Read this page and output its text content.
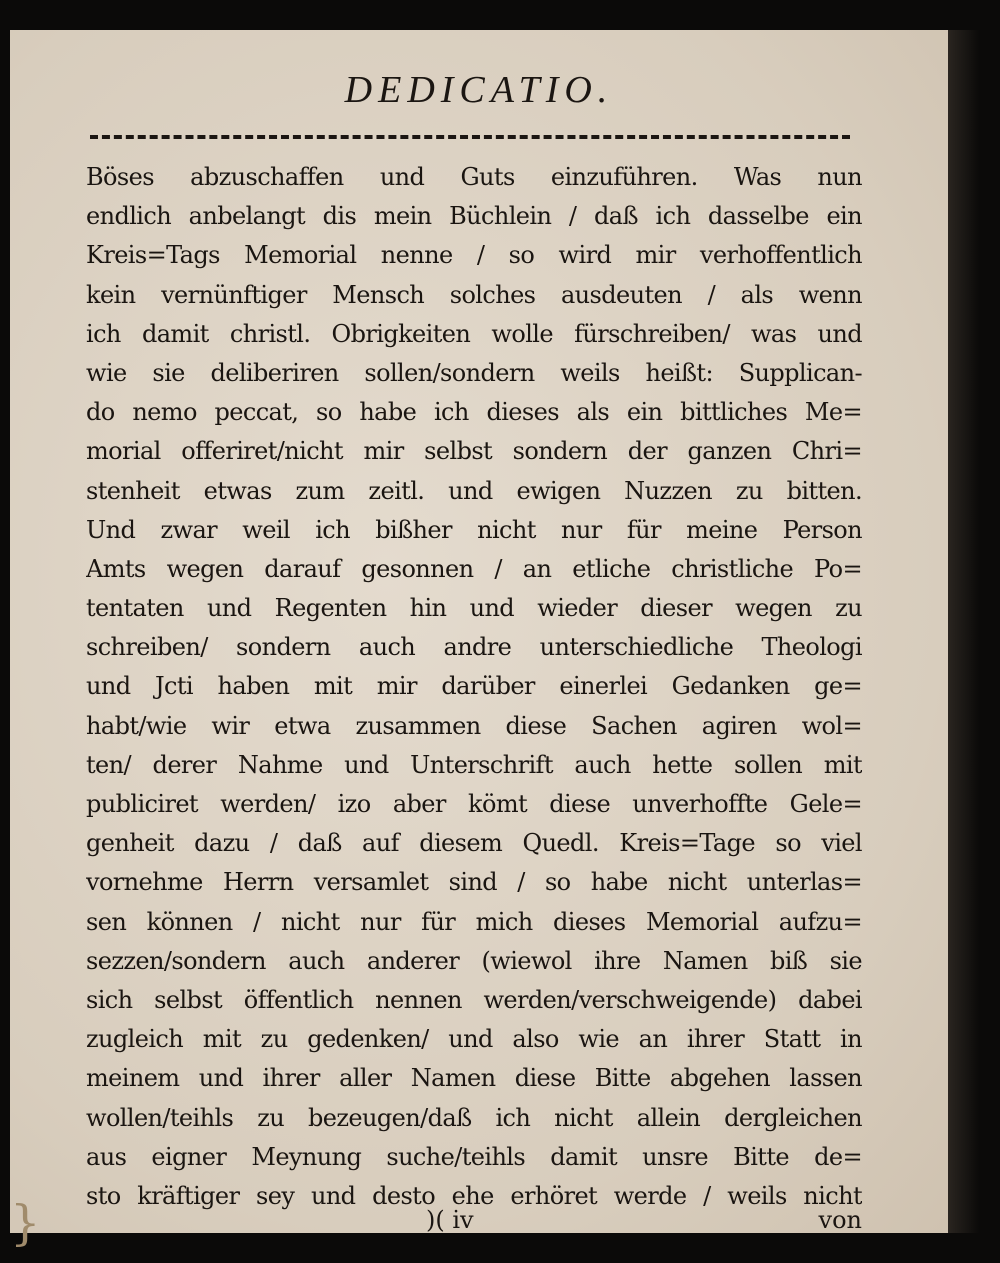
DEDICATIO.
Böses abzuschaffen und Guts einzuführen. Was nun
endlich anbelangt dis mein Büchlein / daß ich dasselbe ein
Kreis=Tags Memorial nenne / so wird mir verhoffentlich
kein vernünftiger Mensch solches ausdeuten / als wenn
ich damit christl. Obrigkeiten wolle fürschreiben/ was und
wie sie deliberiren sollen/sondern weils heißt: Supplican-
do nemo peccat, so habe ich dieses als ein bittliches Me=
morial offeriret/nicht mir selbst sondern der ganzen Chri=
stenheit etwas zum zeitl. und ewigen Nuzzen zu bitten.
Und zwar weil ich bißher nicht nur für meine Person
Amts wegen darauf gesonnen / an etliche christliche Po=
tentaten und Regenten hin und wieder dieser wegen zu
schreiben/ sondern auch andre unterschiedliche Theologi
und Jcti haben mit mir darüber einerlei Gedanken ge=
habt/wie wir etwa zusammen diese Sachen agiren wol=
ten/ derer Nahme und Unterschrift auch hette sollen mit
publiciret werden/ izo aber kömt diese unverhoffte Gele=
genheit dazu / daß auf diesem Quedl. Kreis=Tage so viel
vornehme Herrn versamlet sind / so habe nicht unterlas=
sen können / nicht nur für mich dieses Memorial aufzu=
sezzen/sondern auch anderer (wiewol ihre Namen biß sie
sich selbst öffentlich nennen werden/verschweigende) dabei
zugleich mit zu gedenken/ und also wie an ihrer Statt in
meinem und ihrer aller Namen diese Bitte abgehen lassen
wollen/teihls zu bezeugen/daß ich nicht allein dergleichen
aus eigner Meynung suche/teihls damit unsre Bitte de=
sto kräftiger sey und desto ehe erhöret werde / weils nicht
)( iv	von
}
